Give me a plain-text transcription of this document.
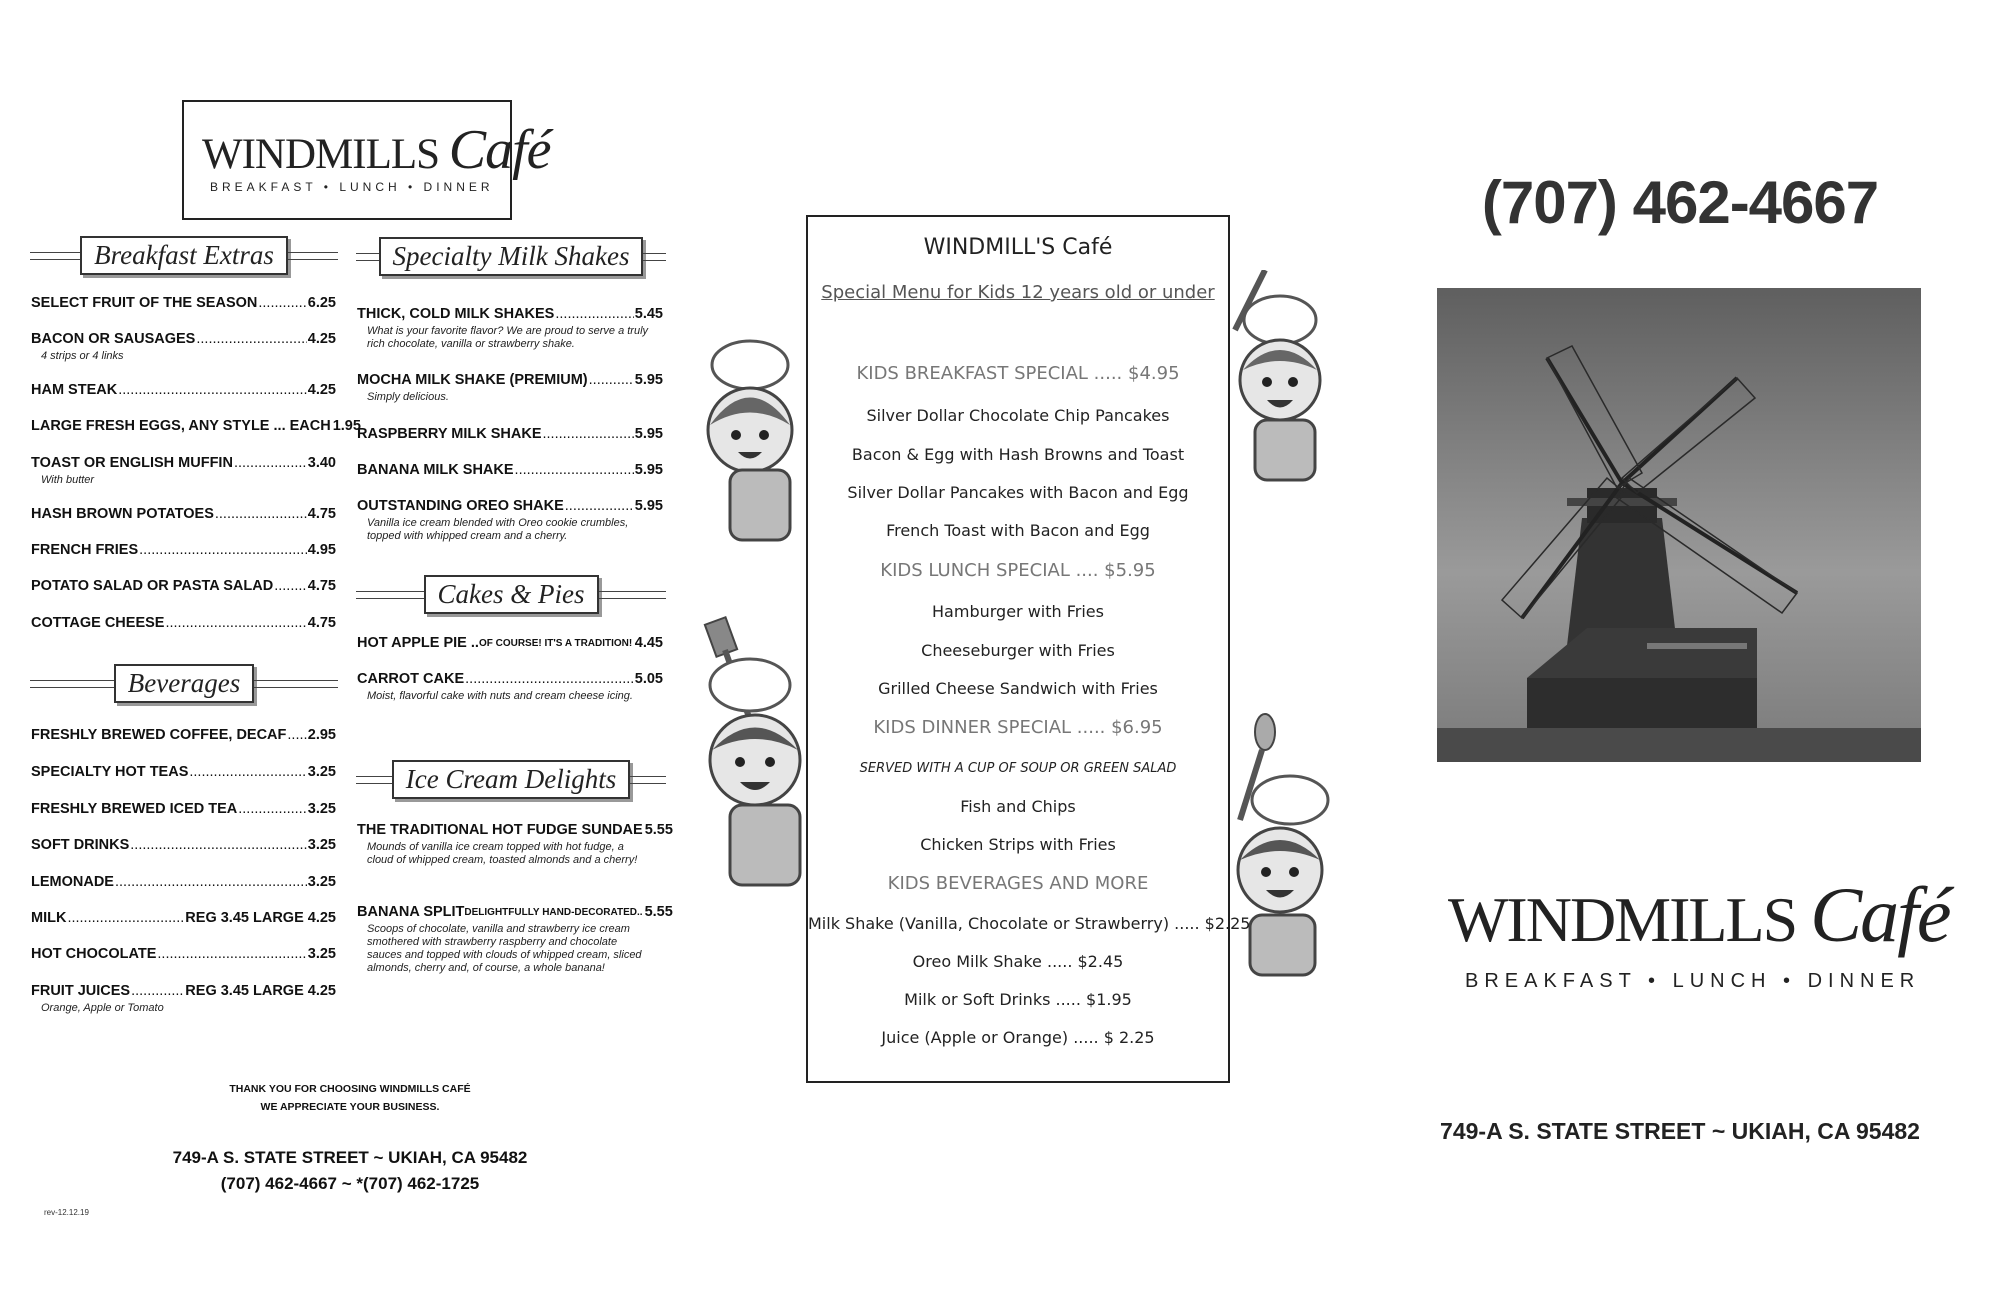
WINDMILLS Café
BREAKFAST • LUNCH • DINNER
Breakfast Extras	Specialty Milk Shakes
SELECT FRUIT OF THE SEASON .....	6.25
BACON OR SAUSAGES .....	4.25
4 strips or 4 links
HAM STEAK .....	4.25
LARGE FRESH EGGS, ANY STYLE ... EACH 1.95
TOAST OR ENGLISH MUFFIN .....	3.40
With butter
HASH BROWN POTATOES .....	4.75
FRENCH FRIES .....	4.95
POTATO SALAD OR PASTA SALAD ..... 4.75
COTTAGE CHEESE .....	4.75
THICK, COLD MILK SHAKES .....	5.45
What is your favorite flavor? We are proud to serve a truly rich chocolate, vanilla or strawberry shake.
MOCHA MILK SHAKE (PREMIUM) .....	5.95
Simply delicious.
RASPBERRY MILK SHAKE .....	5.95
BANANA MILK SHAKE .....	5.95
OUTSTANDING OREO SHAKE .....	5.95
Vanilla ice cream blended with Oreo cookie crumbles, topped with whipped cream and a cherry.
Beverages
FRESHLY BREWED COFFEE, DECAF ..... 2.95
SPECIALTY HOT TEAS .....	3.25
FRESHLY BREWED ICED TEA .....	3.25
SOFT DRINKS .....	3.25
LEMONADE .....	3.25
MILK .....	REG 3.45 LARGE 4.25
HOT CHOCOLATE .....	3.25
FRUIT JUICES .....	REG 3.45 LARGE 4.25
Orange, Apple or Tomato
Cakes & Pies
HOT APPLE PIE .. OF COURSE! IT'S A TRADITION! ..... 4.45
CARROT CAKE .....	5.05
Moist, flavorful cake with nuts and cream cheese icing.
Ice Cream Delights
THE TRADITIONAL HOT FUDGE SUNDAE 5.55
Mounds of vanilla ice cream topped with hot fudge, a cloud of whipped cream, toasted almonds and a cherry!
BANANA SPLIT DELIGHTFULLY HAND-DECORATED.. 5.55
Scoops of chocolate, vanilla and strawberry ice cream smothered with strawberry raspberry and chocolate sauces and topped with clouds of whipped cream, sliced almonds, cherry and, of course, a whole banana!
THANK YOU FOR CHOOSING WINDMILLS CAFÉ
WE APPRECIATE YOUR BUSINESS.
749-A S. STATE STREET ~ UKIAH, CA 95482
(707) 462-4667 ~ *(707) 462-1725
rev-12.12.19
WINDMILL'S Café
Special Menu for Kids 12 years old or under
KIDS BREAKFAST SPECIAL ..... $4.95
Silver Dollar Chocolate Chip Pancakes
Bacon & Egg with Hash Browns and Toast
Silver Dollar Pancakes with Bacon and Egg
French Toast with Bacon and Egg
KIDS LUNCH SPECIAL .... $5.95
Hamburger with Fries
Cheeseburger with Fries
Grilled Cheese Sandwich with Fries
KIDS DINNER SPECIAL ..... $6.95
SERVED WITH A CUP OF SOUP OR GREEN SALAD
Fish and Chips
Chicken Strips with Fries
KIDS BEVERAGES AND MORE
Milk Shake (Vanilla, Chocolate or Strawberry) ..... $2.25
Oreo Milk Shake ..... $2.45
Milk or Soft Drinks ..... $1.95
Juice (Apple or Orange) ..... $ 2.25
(707) 462-4667
WINDMILLS Café
BREAKFAST • LUNCH • DINNER
749-A S. STATE STREET ~ UKIAH, CA 95482
